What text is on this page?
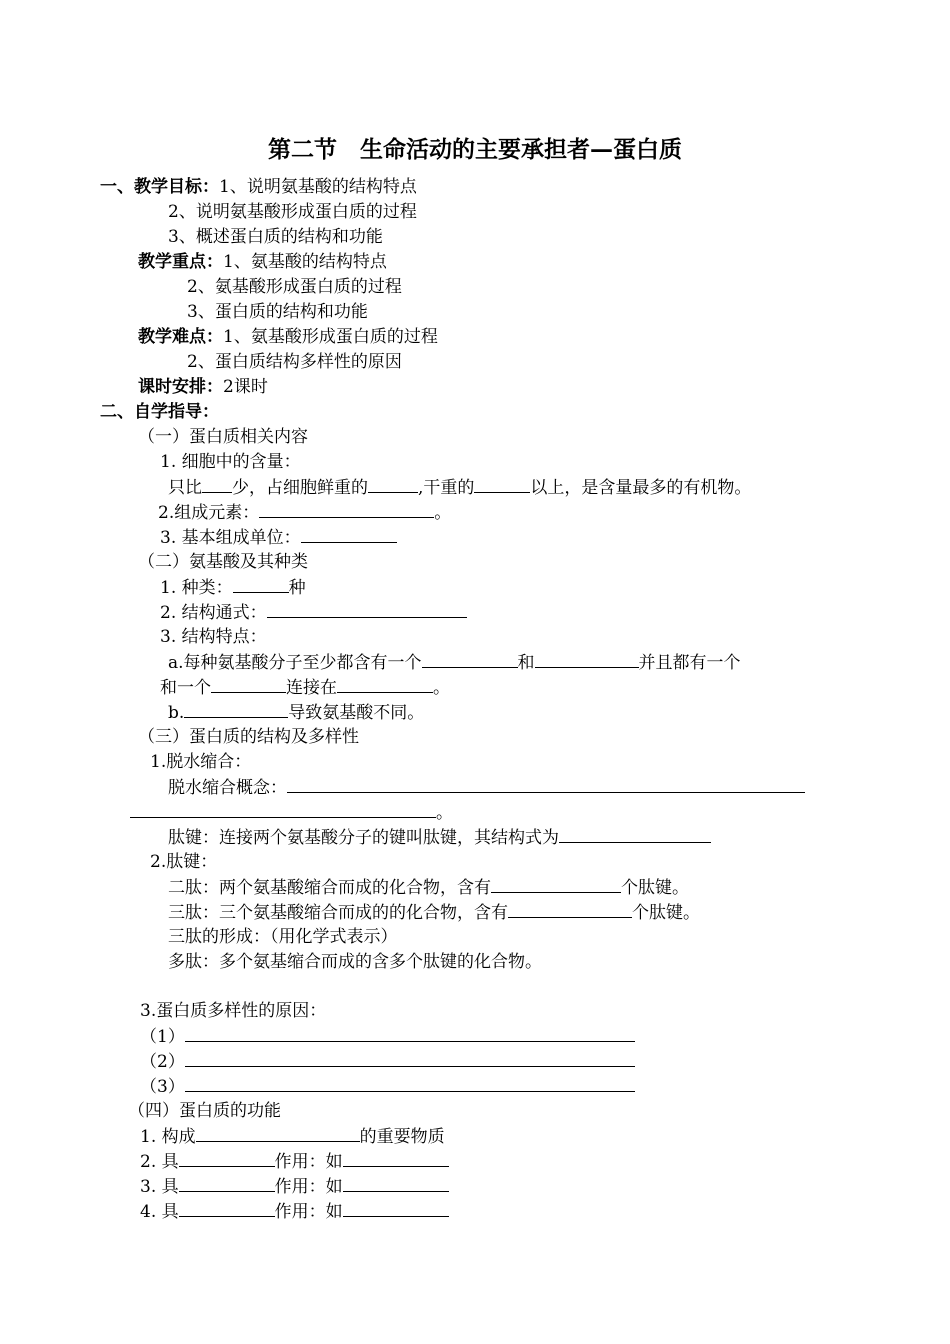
第二节　生命活动的主要承担者—蛋白质
一、教学目标：1、说明氨基酸的结构特点
2、说明氨基酸形成蛋白质的过程
3、概述蛋白质的结构和功能
教学重点：1、氨基酸的结构特点
2、氨基酸形成蛋白质的过程
3、蛋白质的结构和功能
教学难点：1、氨基酸形成蛋白质的过程
2、蛋白质结构多样性的原因
课时安排：2课时
二、自学指导：
（一）蛋白质相关内容
1. 细胞中的含量：
只比 少，占细胞鲜重的	,干重的	以上，是含量最多的有机物。
2.组成元素：	。
3. 基本组成单位：
（二）氨基酸及其种类
1. 种类：	种
2. 结构通式：
3. 结构特点：
a.每种氨基酸分子至少都含有一个	和	并且都有一个
和一个	连接在	。
b.	导致氨基酸不同。
（三）蛋白质的结构及多样性
1.脱水缩合：
脱水缩合概念：
。
肽键：连接两个氨基酸分子的键叫肽键，其结构式为
2.肽键：
二肽：两个氨基酸缩合而成的化合物，含有	个肽键。
三肽：三个氨基酸缩合而成的的化合物，含有	个肽键。
三肽的形成：（用化学式表示）
多肽：多个氨基缩合而成的含多个肽键的化合物。
3.蛋白质多样性的原因：
（1）
（2）
（3）
（四）蛋白质的功能
1. 构成	的重要物质
2. 具	作用：如
3. 具	作用：如
4. 具	作用：如
